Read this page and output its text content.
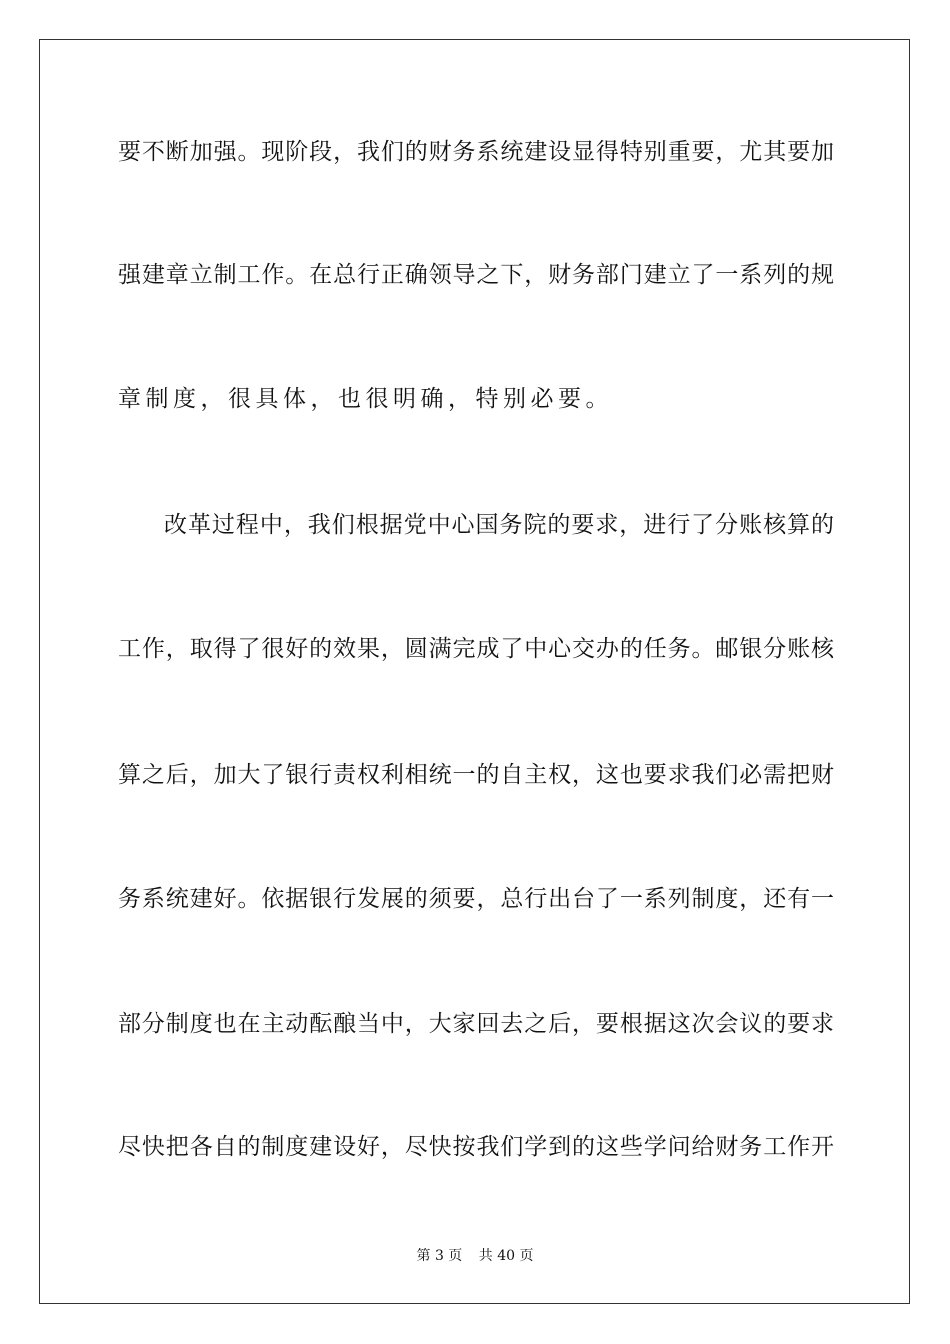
要不断加强。现阶段，我们的财务系统建设显得特别重要，尤其要加
强建章立制工作。在总行正确领导之下，财务部门建立了一系列的规
章制度，很具体，也很明确，特别必要。
改革过程中，我们根据党中心国务院的要求，进行了分账核算的
工作，取得了很好的效果，圆满完成了中心交办的任务。邮银分账核
算之后，加大了银行责权利相统一的自主权，这也要求我们必需把财
务系统建好。依据银行发展的须要，总行出台了一系列制度，还有一
部分制度也在主动酝酿当中，大家回去之后，要根据这次会议的要求
尽快把各自的制度建设好，尽快按我们学到的这些学问给财务工作开
第 3 页 共 40 页
